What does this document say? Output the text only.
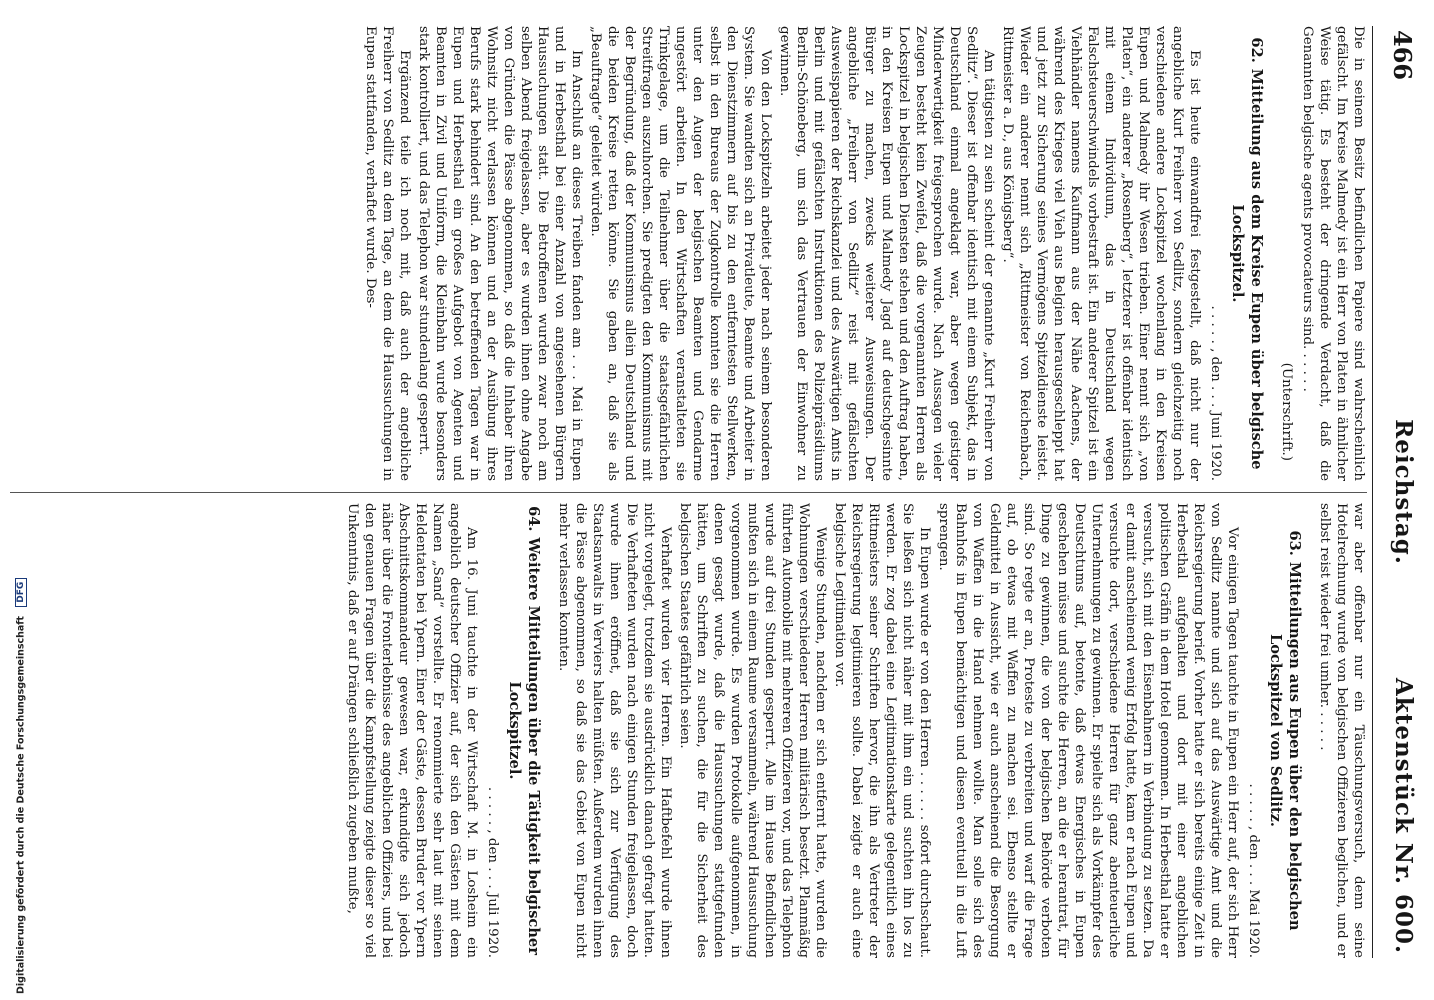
Digitalisierung gefördert durch die Deutsche Forschungsgemeinschaft DFG
466
Reichstag.
Aktenstück Nr. 600.

Die in seinem Besitz befindlichen Papiere sind wahrscheinlich gefälscht. Im Kreise Malmedy ist ein Herr von Platen in ähnlicher Weise tätig. Es besteht der dringende Verdacht, daß die Genannten belgische agents provocateurs sind. . . . . .

(Unterschrift.)
62.Mitteilung aus dem Kreise Eupen über belgische Lockspitzel.
. . . . . , den . . . Juni 1920.

Es ist heute einwandfrei festgestellt, daß nicht nur der angebliche Kurt Freiherr von Sedlitz, sondern gleichzeitig noch verschiedene andere Lockspitzel wochenlang in den Kreisen Eupen und Malmedy ihr Wesen trieben. Einer nennt sich „von Platen“, ein anderer „Rosenberg“, letzterer ist offenbar identisch mit einem Individuum, das in Deutschland wegen Falschsteuerschwindels vorbestraft ist. Ein anderer Spitzel ist ein Viehhändler namens Kaufmann aus der Nähe Aachens, der während des Krieges viel Vieh aus Belgien herausgeschleppt hat und jetzt zur Sicherung seines Vermögens Spitzeldienste leistet. Wieder ein anderer nennt sich „Rittmeister von Reichenbach, Rittmeister a. D., aus Königsberg“.

Am tätigsten zu sein scheint der genannte „Kurt Freiherr von Sedlitz“. Dieser ist offenbar identisch mit einem Subjekt, das in Deutschland einmal angeklagt war, aber wegen geistiger Minderwertigkeit freigesprochen wurde. Nach Aussagen vieler Zeugen besteht kein Zweifel, daß die vorgenannten Herren als Lockspitzel in belgischen Diensten stehen und den Auftrag haben, in den Kreisen Eupen und Malmedy Jagd auf deutschgesinnte Bürger zu machen, zwecks weiterer Ausweisungen. Der angebliche „Freiherr von Sedlitz“ reist mit gefälschten Ausweispapieren der Reichskanzlei und des Auswärtigen Amts in Berlin und mit gefälschten Instruktionen des Polizeipräsidiums Berlin-Schöneberg, um sich das Vertrauen der Einwohner zu gewinnen.

Von den Lockspitzeln arbeitet jeder nach seinem besonderen System. Sie wandten sich an Privatleute, Beamte und Arbeiter in den Dienstzimmern auf bis zu den entferntesten Stellwerken, selbst in den Bureaus der Zugkontrolle konnten sie die Herren unter den Augen der belgischen Beamten und Gendarme ungestört arbeiten. In den Wirtschaften veranstalteten sie Trinkgelage, um die Teilnehmer über die staatsgefährlichen Streitfragen auszuhorchen. Sie predigten den Kommunismus mit der Begründung, daß der Kommunismus allein Deutschland und die beiden Kreise retten könne. Sie gaben an, daß sie als „Beauftragte“ geleitet würden.

Im Anschluß an dieses Treiben fanden am . . . Mai in Eupen und in Herbesthal bei einer Anzahl von angesehenen Bürgern Haussuchungen statt. Die Betroffenen wurden zwar noch am selben Abend freigelassen, aber es wurden ihnen ohne Angabe von Gründen die Pässe abgenommen, so daß die Inhaber ihren Wohnsitz nicht verlassen können und an der Ausübung ihres Berufs stark behindert sind. An den betreffenden Tagen war in Eupen und Herbesthal ein großes Aufgebot von Agenten und Beamten in Zivil und Uniform, die Kleinbahn wurde besonders stark kontrolliert, und das Telephon war stundenlang gesperrt.

Ergänzend teile ich noch mit, daß auch der angebliche Freiherr von Sedlitz an dem Tage, an dem die Haussuchungen in Eupen stattfanden, verhaftet wurde. Des-

war aber offenbar nur ein Täuschungsversuch, denn seine Hotelrechnung wurde von belgischen Offizieren beglichen, und er selbst reist wieder frei umher. . . . . .

63.Mitteilungen aus Eupen über den belgischen Lockspitzel von Sedlitz.
. . . . . , den . . . Mai 1920.

Vor einigen Tagen tauchte in Eupen ein Herr auf, der sich Herr von Sedlitz nannte und sich auf das Auswärtige Amt und die Reichsregierung berief. Vorher hatte er sich bereits einige Zeit in Herbesthal aufgehalten und dort mit einer angeblichen politischen Gräfin in dem Hotel genommen. In Herbesthal hatte er versucht, sich mit den Eisenbahnern in Verbindung zu setzen. Da er damit anscheinend wenig Erfolg hatte, kam er nach Eupen und versuchte dort, verschiedene Herren für ganz abenteuerliche Unternehmungen zu gewinnen. Er spielte sich als Vorkämpfer des Deutschtums auf, betonte, daß etwas Energisches in Eupen geschehen müsse und suchte die Herren, an die er herantrat, für Dinge zu gewinnen, die von der belgischen Behörde verboten sind. So regte er an, Proteste zu verbreiten und warf die Frage auf, ob etwas mit Waffen zu machen sei. Ebenso stellte er Geldmittel in Aussicht, wie er auch anscheinend die Besorgung von Waffen in die Hand nehmen wollte. Man solle sich des Bahnhofs in Eupen bemächtigen und diesen eventuell in die Luft sprengen.

In Eupen wurde er von den Herren . . . . . . sofort durchschaut. Sie ließen sich nicht näher mit ihm ein und suchten ihn los zu werden. Er zog dabei eine Legitimationskarte gelegentlich eines Rittmeisters seiner Schriften hervor, die ihn als Vertreter der Reichsregierung legitimieren sollte. Dabei zeigte er auch eine belgische Legitimation vor.

Wenige Stunden, nachdem er sich entfernt hatte, wurden die Wohnungen verschiedener Herren militärisch besetzt. Planmäßig führten Automobile mit mehreren Offizieren vor, und das Telephon wurde auf drei Stunden gesperrt. Alle im Hause Befindlichen mußten sich in einem Raume versammeln, während Haussuchung vorgenommen wurde. Es wurden Protokolle aufgenommen, in denen gesagt wurde, daß die Haussuchungen stattgefunden hätten, um Schriften zu suchen, die für die Sicherheit des belgischen Staates gefährlich seien.

Verhaftet wurden vier Herren. Ein Haftbefehl wurde ihnen nicht vorgelegt, trotzdem sie ausdrücklich danach gefragt hatten. Die Verhafteten wurden nach einigen Stunden freigelassen, doch wurde ihnen eröffnet, daß sie sich zur Verfügung des Staatsanwalts in Verviers halten müßten. Außerdem wurden ihnen die Pässe abgenommen, so daß sie das Gebiet von Eupen nicht mehr verlassen konnten.

64.Weitere Mitteilungen über die Tätigkeit belgischer Lockspitzel.
. . . . . , den . . . Juli 1920.

Am 16. Juni tauchte in der Wirtschaft M. in Losheim ein angeblich deutscher Offizier auf, der sich den Gästen mit dem Namen „Sand“ vorstellte. Er renommierte sehr laut mit seinen Heldentaten bei Ypern. Einer der Gäste, dessen Bruder vor Ypern Abschnittskommandeur gewesen war, erkundigte sich jedoch näher über die Fronterlebnisse des angeblichen Offiziers, und bei den genauen Fragen über die Kampfstellung zeigte dieser so viel Unkenntnis, daß er auf Drängen schließlich zugeben mußte,
